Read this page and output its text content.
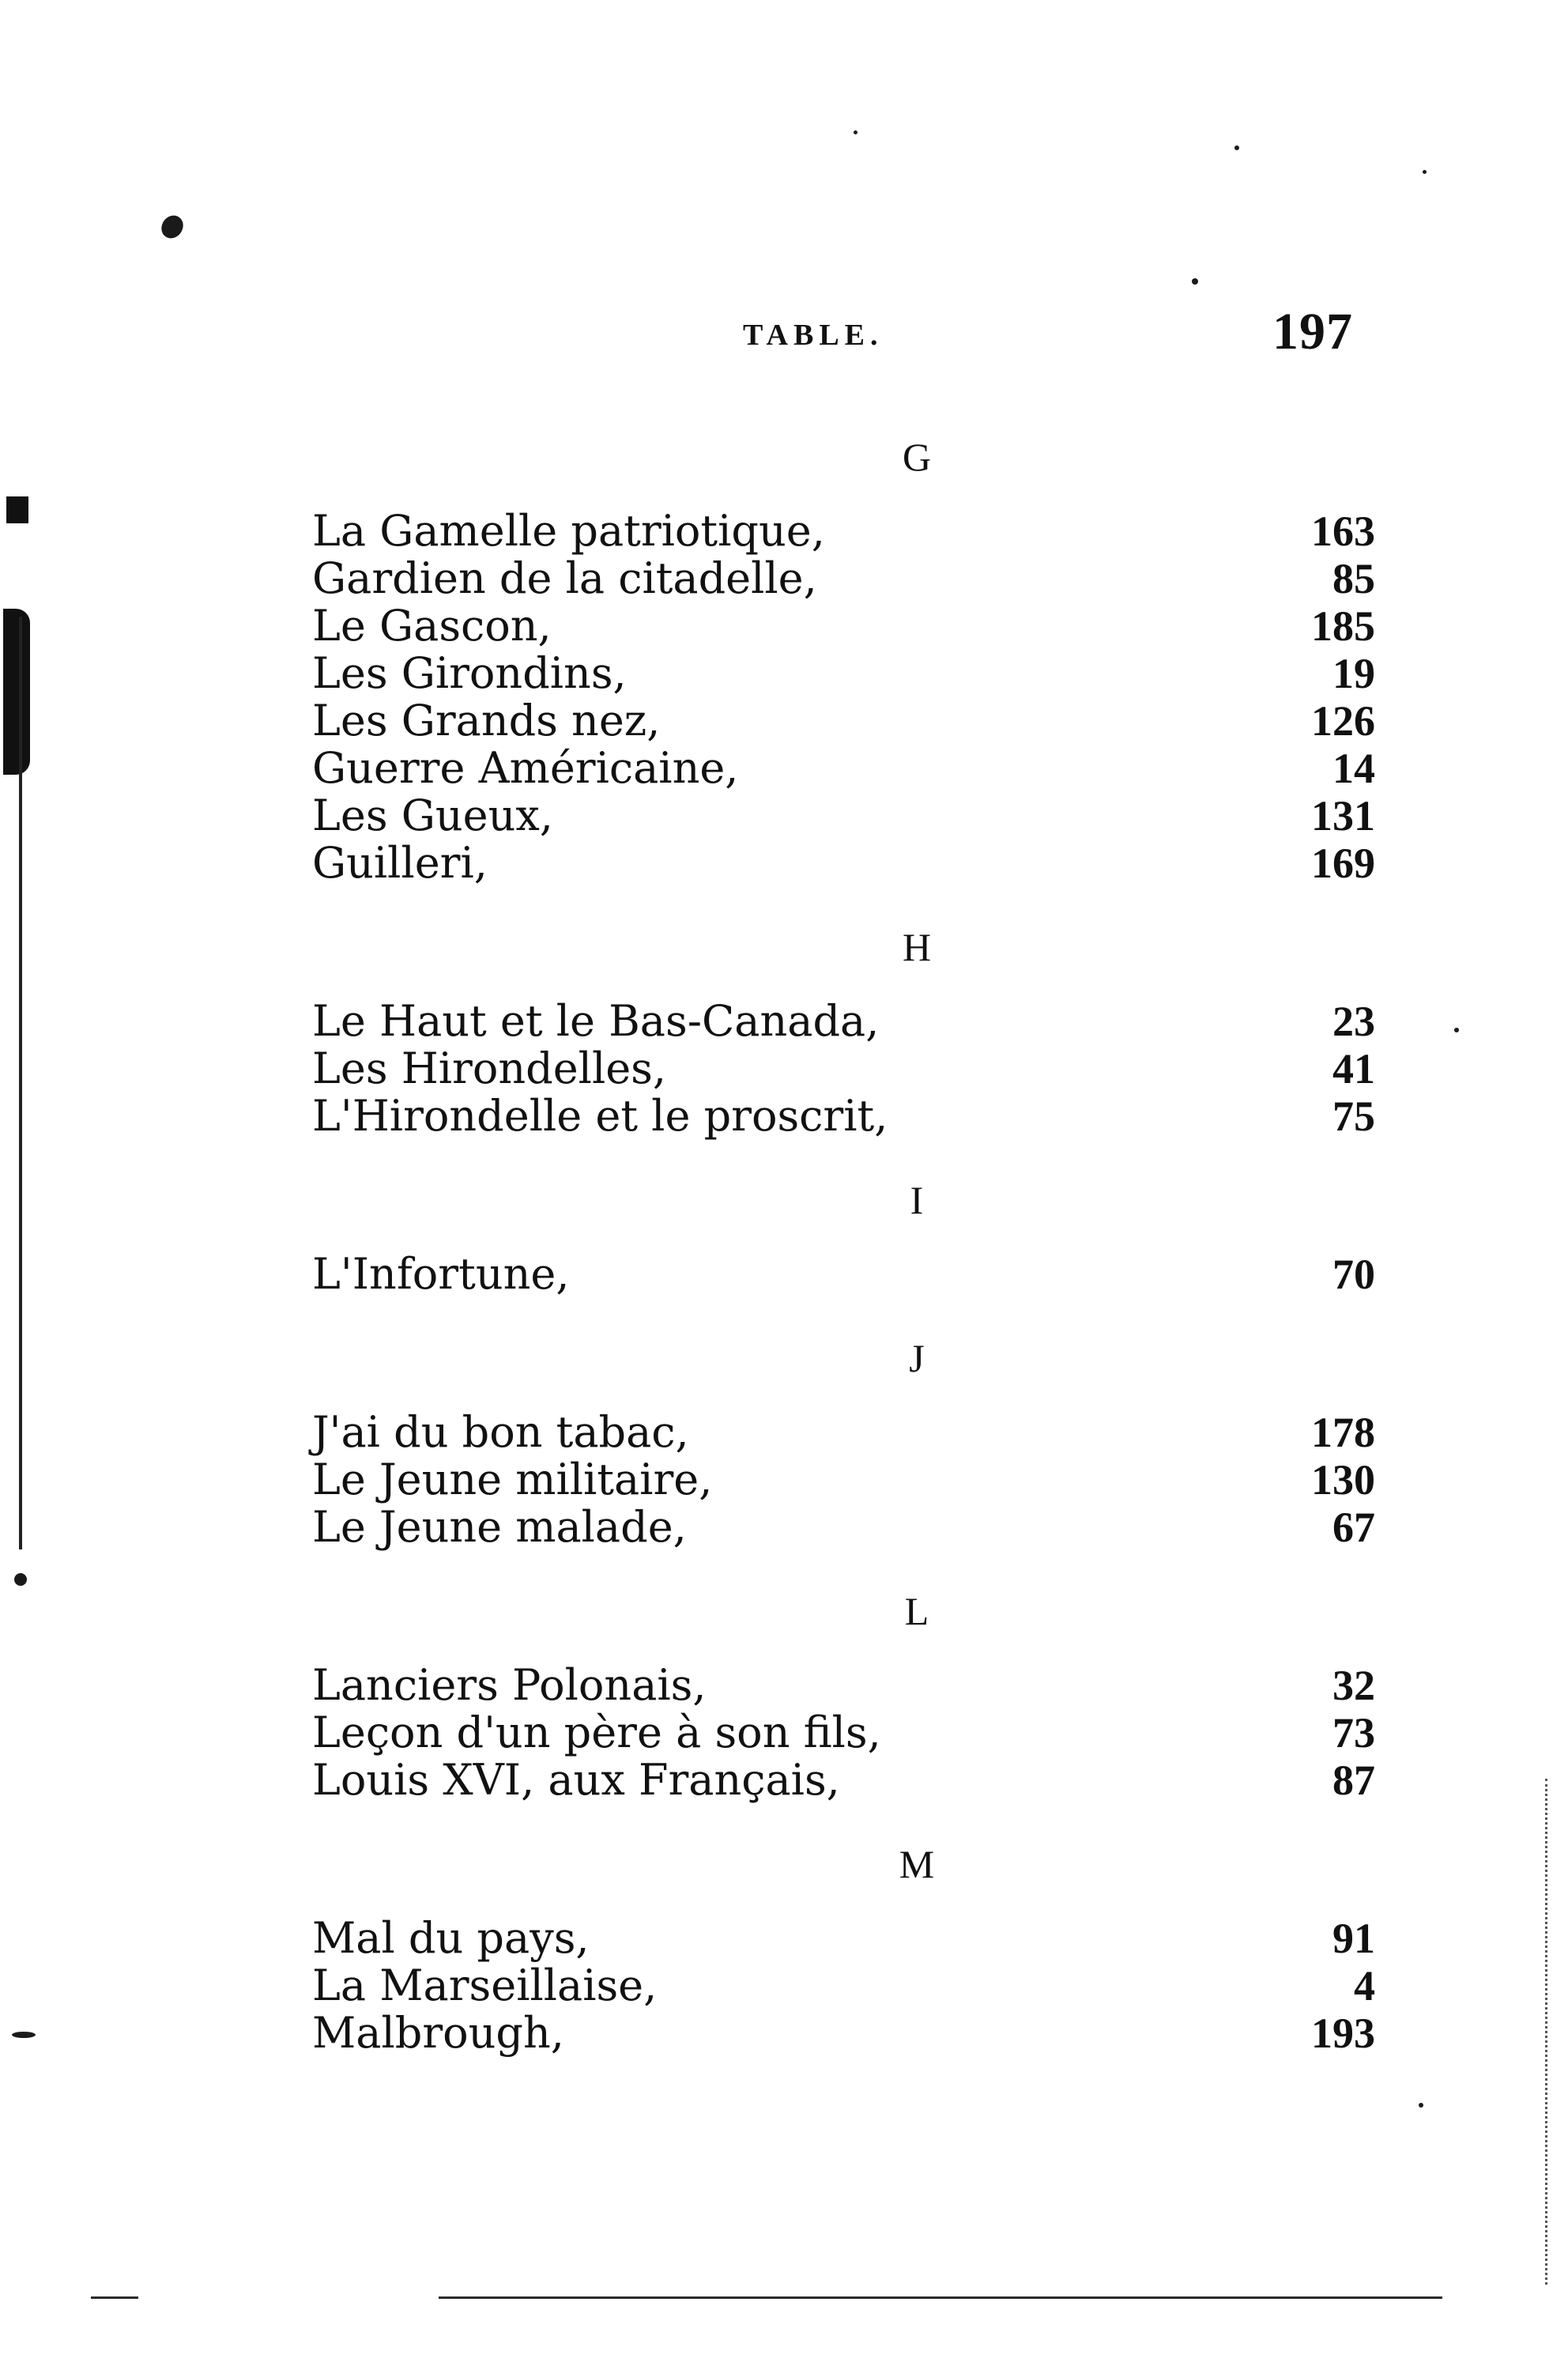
TABLE.	197
G
La Gamelle patriotique,	163
Gardien de la citadelle,	85
Le Gascon,	185
Les Girondins,	19
Les Grands nez,	126
Guerre Américaine,	14
Les Gueux,	131
Guilleri,	169
H
Le Haut et le Bas-Canada,	23
Les Hirondelles,	41
L'Hirondelle et le proscrit,	75
I
L'Infortune,	70
J
J'ai du bon tabac,	178
Le Jeune militaire,	130
Le Jeune malade,	67
L
Lanciers Polonais,	32
Leçon d'un père à son fils,	73
Louis XVI, aux Français,	87
M
Mal du pays,	91
La Marseillaise,	4
Malbrough,	193
